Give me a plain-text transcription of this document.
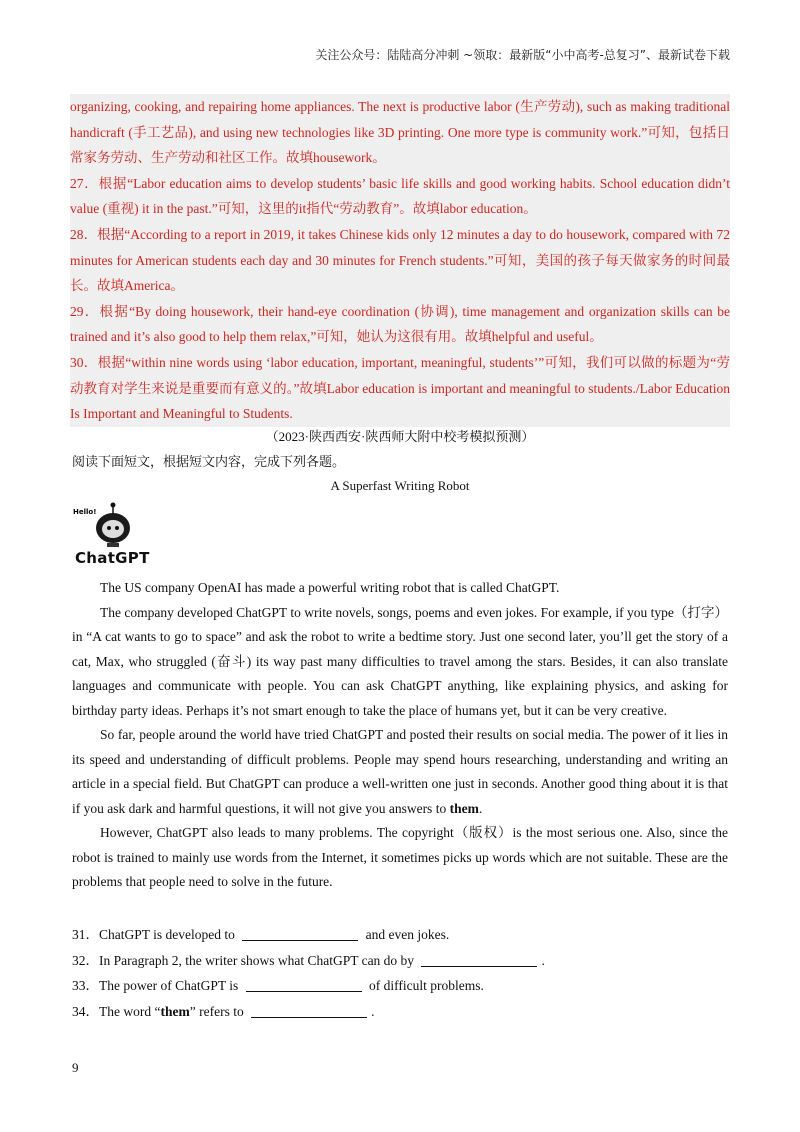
关注公众号：陆陆高分冲刺 ~领取：最新版“小中高考-总复习”、最新试卷下载

organizing, cooking, and repairing home appliances. The next is productive labor (生产劳动), such as making traditional handicraft (手工艺品), and using new technologies like 3D printing. One more type is community work.”可知，包括日常家务劳动、生产劳动和社区工作。故填housework。

27．根据“Labor education aims to develop students’ basic life skills and good working habits. School education didn’t value (重视) it in the past.”可知，这里的it指代“劳动教育”。故填labor education。

28．根据“According to a report in 2019, it takes Chinese kids only 12 minutes a day to do housework, compared with 72 minutes for American students each day and 30 minutes for French students.”可知，美国的孩子每天做家务的时间最长。故填America。

29．根据“By doing housework, their hand-eye coordination (协调), time management and organization skills can be trained and it’s also good to help them relax,”可知，她认为这很有用。故填helpful and useful。

30．根据“within nine words using ‘labor education, important, meaningful, students’”可知，我们可以做的标题为“劳动教育对学生来说是重要而有意义的。”故填Labor education is important and meaningful to students./Labor Education Is Important and Meaningful to Students.

（2023·陕西西安·陕西师大附中校考模拟预测）
阅读下面短文，根据短文内容，完成下列各题。
A Superfast Writing Robot
Hello!
ChatGPT

The US company OpenAI has made a powerful writing robot that is called ChatGPT.

The company developed ChatGPT to write novels, songs, poems and even jokes. For example, if you type（打字）in “A cat wants to go to space” and ask the robot to write a bedtime story. Just one second later, you’ll get the story of a cat, Max, who struggled (奋斗) its way past many difficulties to travel among the stars. Besides, it can also translate languages and communicate with people. You can ask ChatGPT anything, like explaining physics, and asking for birthday party ideas. Perhaps it’s not smart enough to take the place of humans yet, but it can be very creative.

So far, people around the world have tried ChatGPT and posted their results on social media. The power of it lies in its speed and understanding of difficult problems. People may spend hours researching, understanding and writing an article in a special field. But ChatGPT can produce a well-written one just in seconds. Another good thing about it is that if you ask dark and harmful questions, it will not give you answers to them.

However, ChatGPT also leads to many problems. The copyright（版权）is the most serious one. Also, since the robot is trained to mainly use words from the Internet, it sometimes picks up words which are not suitable. These are the problems that people need to solve in the future.

31．ChatGPT is developed to	and even jokes.
32．In Paragraph 2, the writer shows what ChatGPT can do by	.
33．The power of ChatGPT is	of difficult problems.
34．The word “them” refers to	.
9
